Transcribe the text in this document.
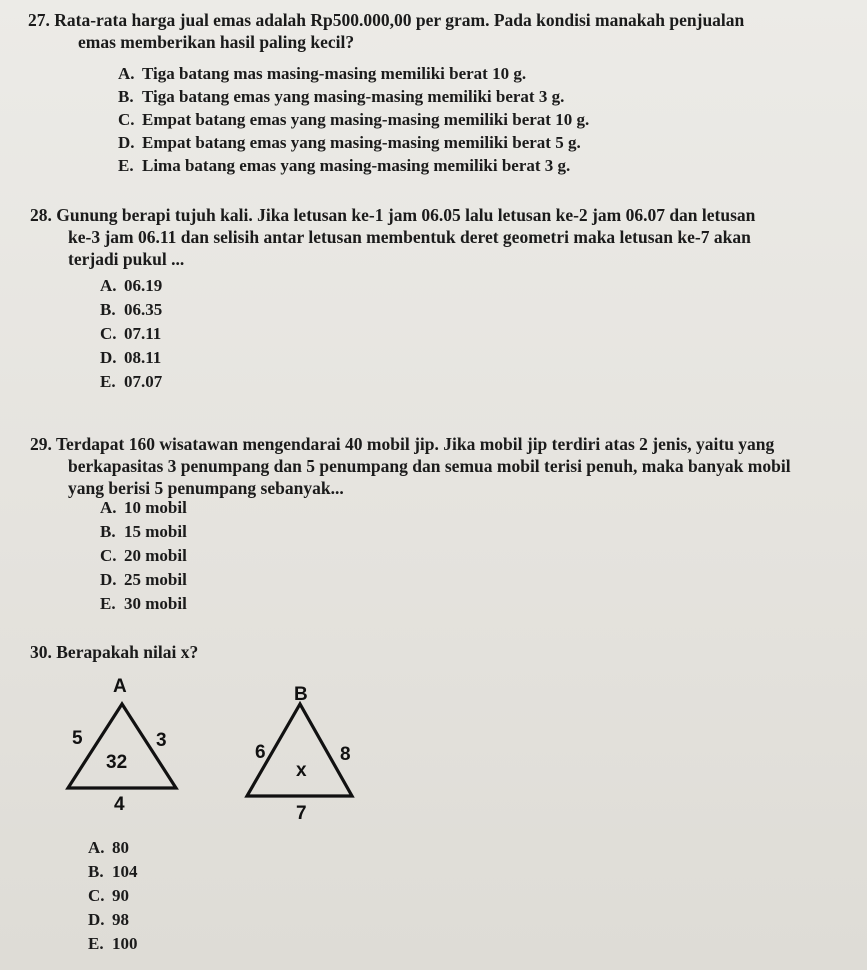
27. Rata-rata harga jual emas adalah Rp500.000,00 per gram. Pada kondisi manakah penjualan
emas memberikan hasil paling kecil?
A. Tiga batang mas masing-masing memiliki berat 10 g.
B. Tiga batang emas yang masing-masing memiliki berat 3 g.
C. Empat batang emas yang masing-masing memiliki berat 10 g.
D. Empat batang emas yang masing-masing memiliki berat 5 g.
E. Lima batang emas yang masing-masing memiliki berat 3 g.
28. Gunung berapi tujuh kali. Jika letusan ke-1 jam 06.05 lalu letusan ke-2 jam 06.07 dan letusan
ke-3 jam 06.11 dan selisih antar letusan membentuk deret geometri maka letusan ke-7 akan
terjadi pukul ...
A. 06.19
B. 06.35
C. 07.11
D. 08.11
E. 07.07
29. Terdapat 160 wisatawan mengendarai 40 mobil jip. Jika mobil jip terdiri atas 2 jenis, yaitu yang
berkapasitas 3 penumpang dan 5 penumpang dan semua mobil terisi penuh, maka banyak mobil
yang berisi 5 penumpang sebanyak...
A. 10 mobil
B. 15 mobil
C. 20 mobil
D. 25 mobil
E. 30 mobil
30. Berapakah nilai x?
A
5	3
32
4
B
6	8
x
7
A. 80
B. 104
C. 90
D. 98
E. 100
